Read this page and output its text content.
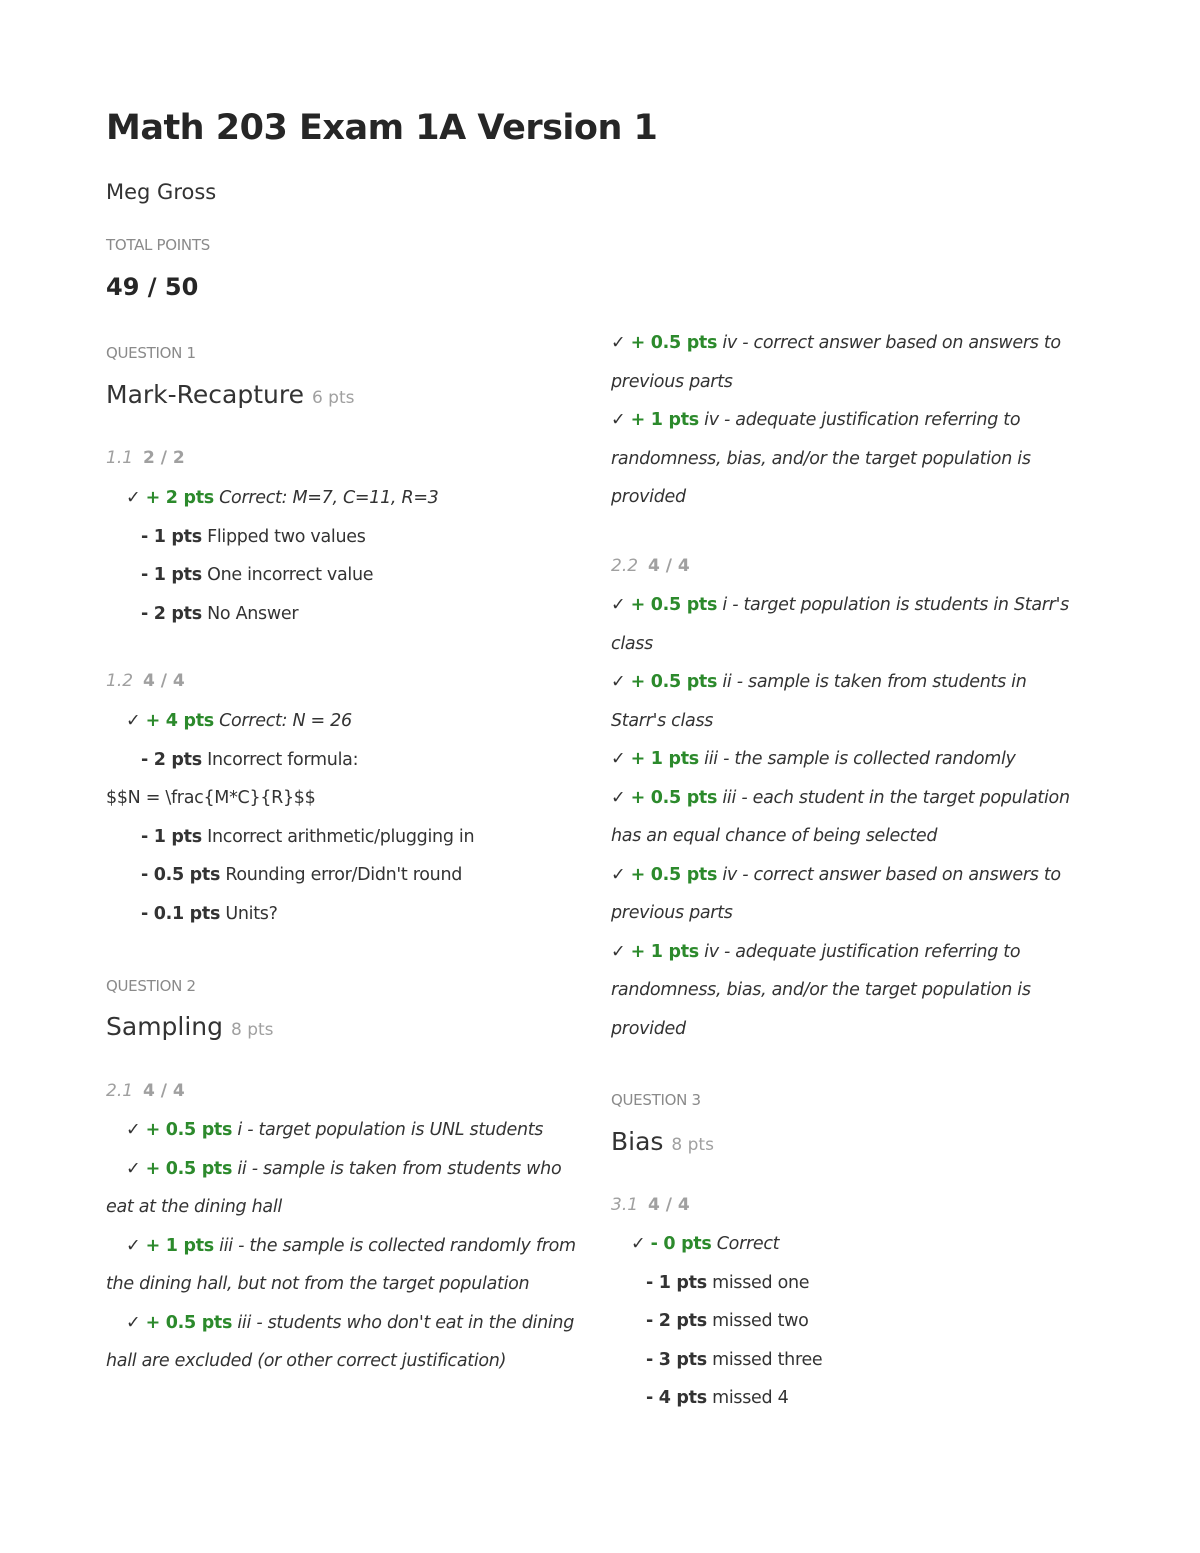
Math 203 Exam 1A Version 1
Meg Gross
TOTAL POINTS
49 / 50
QUESTION 1
Mark-Recapture 6 pts
1.1 2 / 2
✓ + 2 pts Correct: M=7, C=11, R=3
- 1 pts Flipped two values
- 1 pts One incorrect value
- 2 pts No Answer
1.2 4 / 4
✓ + 4 pts Correct: N = 26
- 2 pts Incorrect formula:
$$N = \frac{M*C}{R}$$
- 1 pts Incorrect arithmetic/plugging in
- 0.5 pts Rounding error/Didn't round
- 0.1 pts Units?
QUESTION 2
Sampling 8 pts
2.1 4 / 4
✓ + 0.5 pts i - target population is UNL students
✓ + 0.5 pts ii - sample is taken from students who
eat at the dining hall
✓ + 1 pts iii - the sample is collected randomly from
the dining hall, but not from the target population
✓ + 0.5 pts iii - students who don't eat in the dining
hall are excluded (or other correct justification)
✓ + 0.5 pts iv - correct answer based on answers to
previous parts
✓ + 1 pts iv - adequate justification referring to
randomness, bias, and/or the target population is
provided
2.2 4 / 4
✓ + 0.5 pts i - target population is students in Starr's
class
✓ + 0.5 pts ii - sample is taken from students in
Starr's class
✓ + 1 pts iii - the sample is collected randomly
✓ + 0.5 pts iii - each student in the target population
has an equal chance of being selected
✓ + 0.5 pts iv - correct answer based on answers to
previous parts
✓ + 1 pts iv - adequate justification referring to
randomness, bias, and/or the target population is
provided
QUESTION 3
Bias 8 pts
3.1 4 / 4
✓ - 0 pts Correct
- 1 pts missed one
- 2 pts missed two
- 3 pts missed three
- 4 pts missed 4
